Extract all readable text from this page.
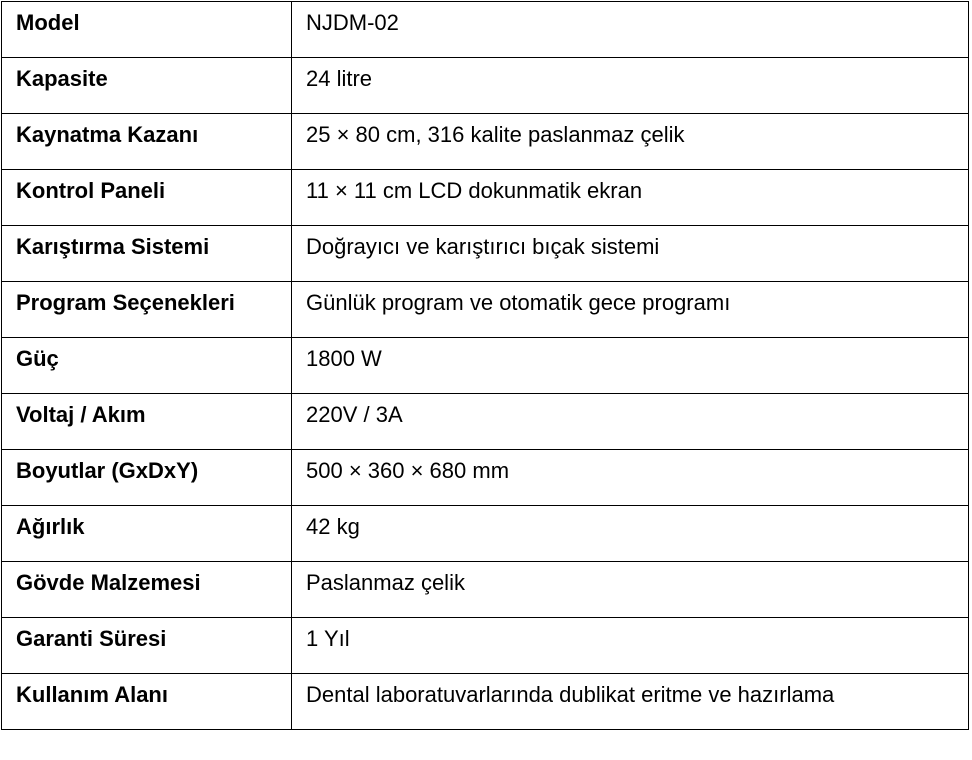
Model	NJDM-02
Kapasite	24 litre
Kaynatma Kazanı	25 × 80 cm, 316 kalite paslanmaz çelik
Kontrol Paneli	11 × 11 cm LCD dokunmatik ekran
Karıştırma Sistemi	Doğrayıcı ve karıştırıcı bıçak sistemi
Program Seçenekleri	Günlük program ve otomatik gece programı
Güç	1800 W
Voltaj / Akım	220V / 3A
Boyutlar (GxDxY)	500 × 360 × 680 mm
Ağırlık	42 kg
Gövde Malzemesi	Paslanmaz çelik
Garanti Süresi	1 Yıl
Kullanım Alanı	Dental laboratuvarlarında dublikat eritme ve hazırlama
